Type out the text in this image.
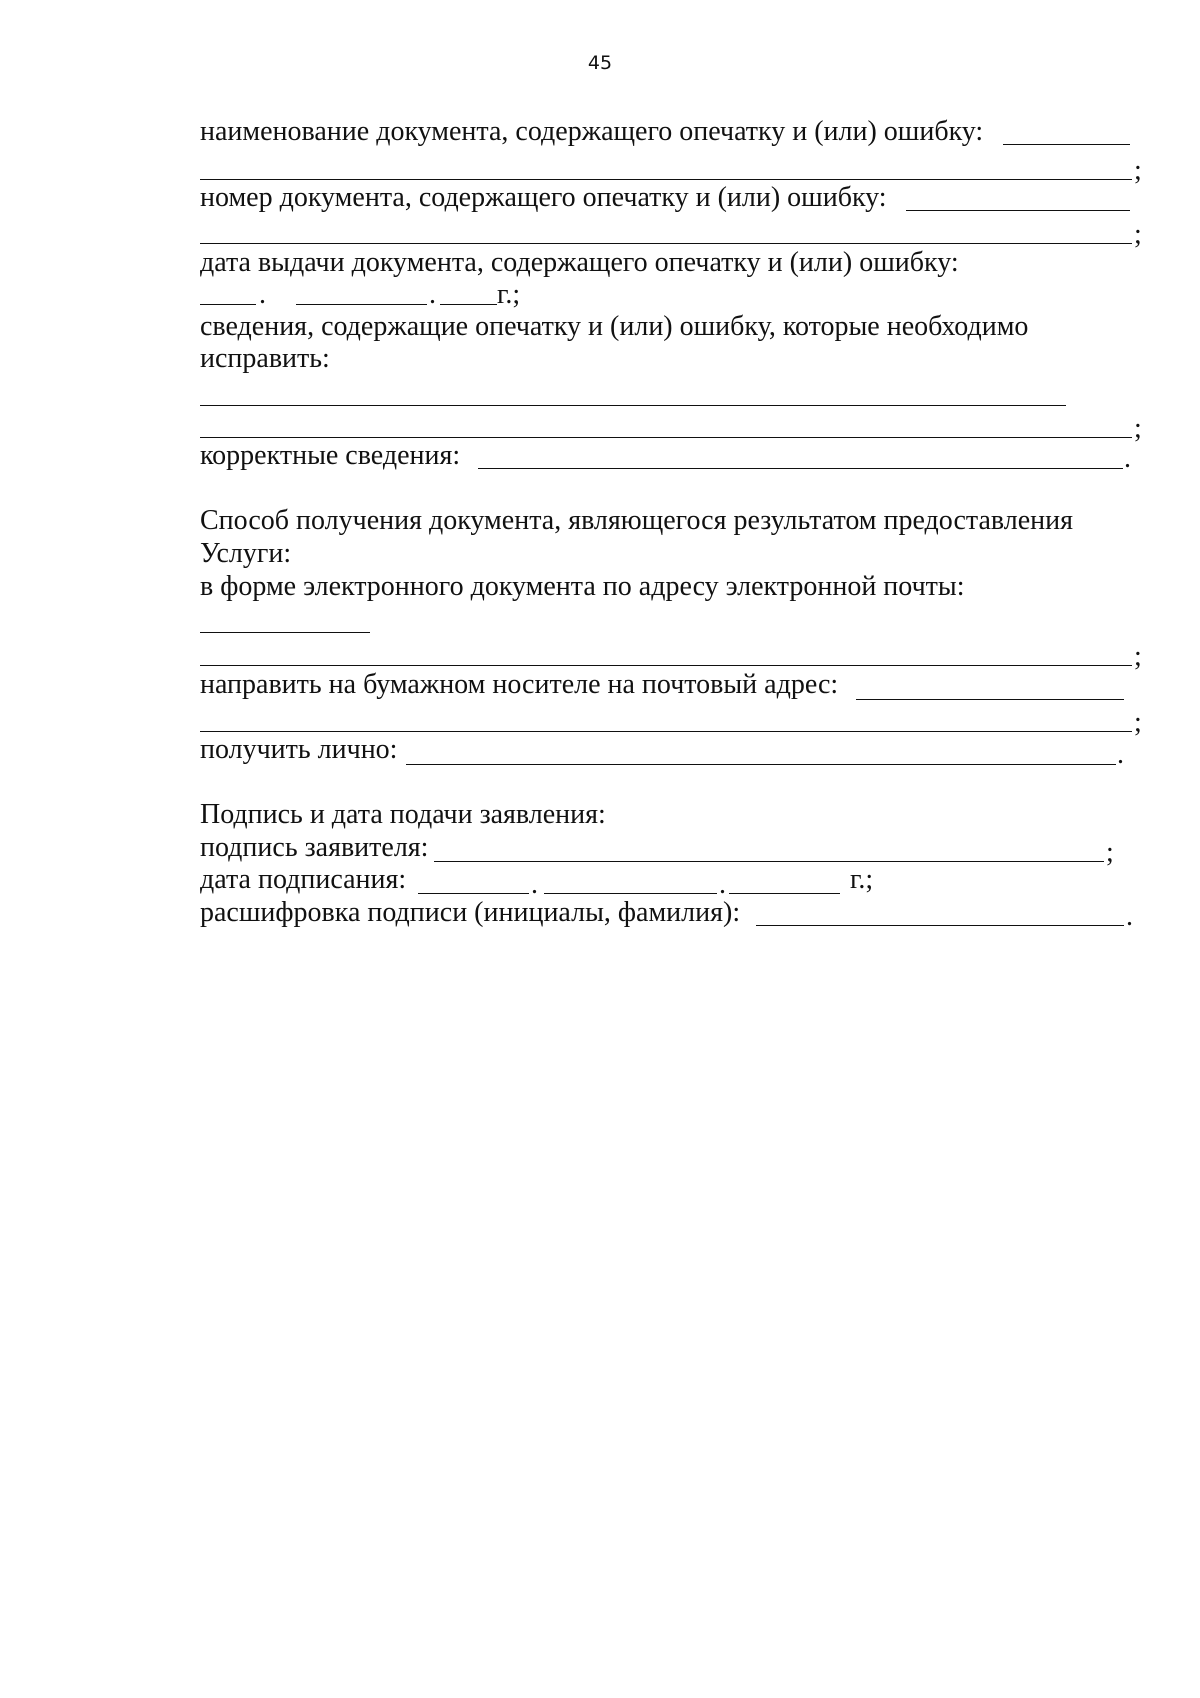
45
наименование документа, содержащего опечатку и (или) ошибку:
;
номер документа, содержащего опечатку и (или) ошибку:
;
дата выдачи документа, содержащего опечатку и (или) ошибку:
.	. г.;
сведения, содержащие опечатку и (или) ошибку, которые необходимо
исправить:
;
корректные сведения:	.
Способ получения документа, являющегося результатом предоставления
Услуги:
в форме электронного документа по адресу электронной почты:
;
направить на бумажном носителе на почтовый адрес:
;
получить лично:	.
Подпись и дата подачи заявления:
подпись заявителя:	;
дата подписания:	.	.	г.;
расшифровка подписи (инициалы, фамилия):	.
